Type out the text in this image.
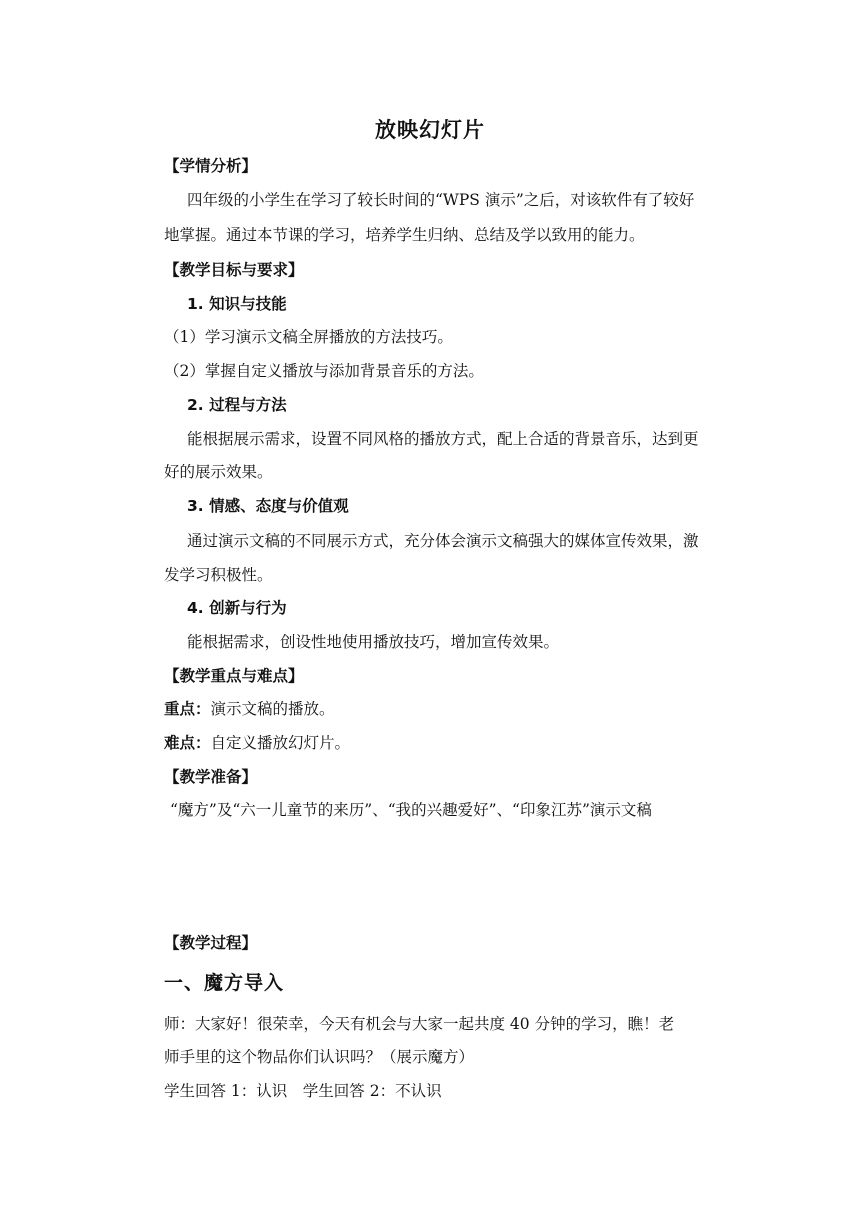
放映幻灯片
【学情分析】
四年级的小学生在学习了较长时间的“WPS 演示”之后，对该软件有了较好
地掌握。通过本节课的学习，培养学生归纳、总结及学以致用的能力。
【教学目标与要求】
1. 知识与技能
（1）学习演示文稿全屏播放的方法技巧。
（2）掌握自定义播放与添加背景音乐的方法。
2. 过程与方法
能根据展示需求，设置不同风格的播放方式，配上合适的背景音乐，达到更
好的展示效果。
3. 情感、态度与价值观
通过演示文稿的不同展示方式，充分体会演示文稿强大的媒体宣传效果，激
发学习积极性。
4. 创新与行为
能根据需求，创设性地使用播放技巧，增加宣传效果。
【教学重点与难点】
重点：演示文稿的播放。
难点：自定义播放幻灯片。
【教学准备】
“魔方”及“六一儿童节的来历”、“我的兴趣爱好”、“印象江苏”演示文稿
【教学过程】
一、魔方导入
师：大家好！很荣幸，今天有机会与大家一起共度 40 分钟的学习，瞧！老
师手里的这个物品你们认识吗？（展示魔方）
学生回答 1：认识　学生回答 2：不认识
